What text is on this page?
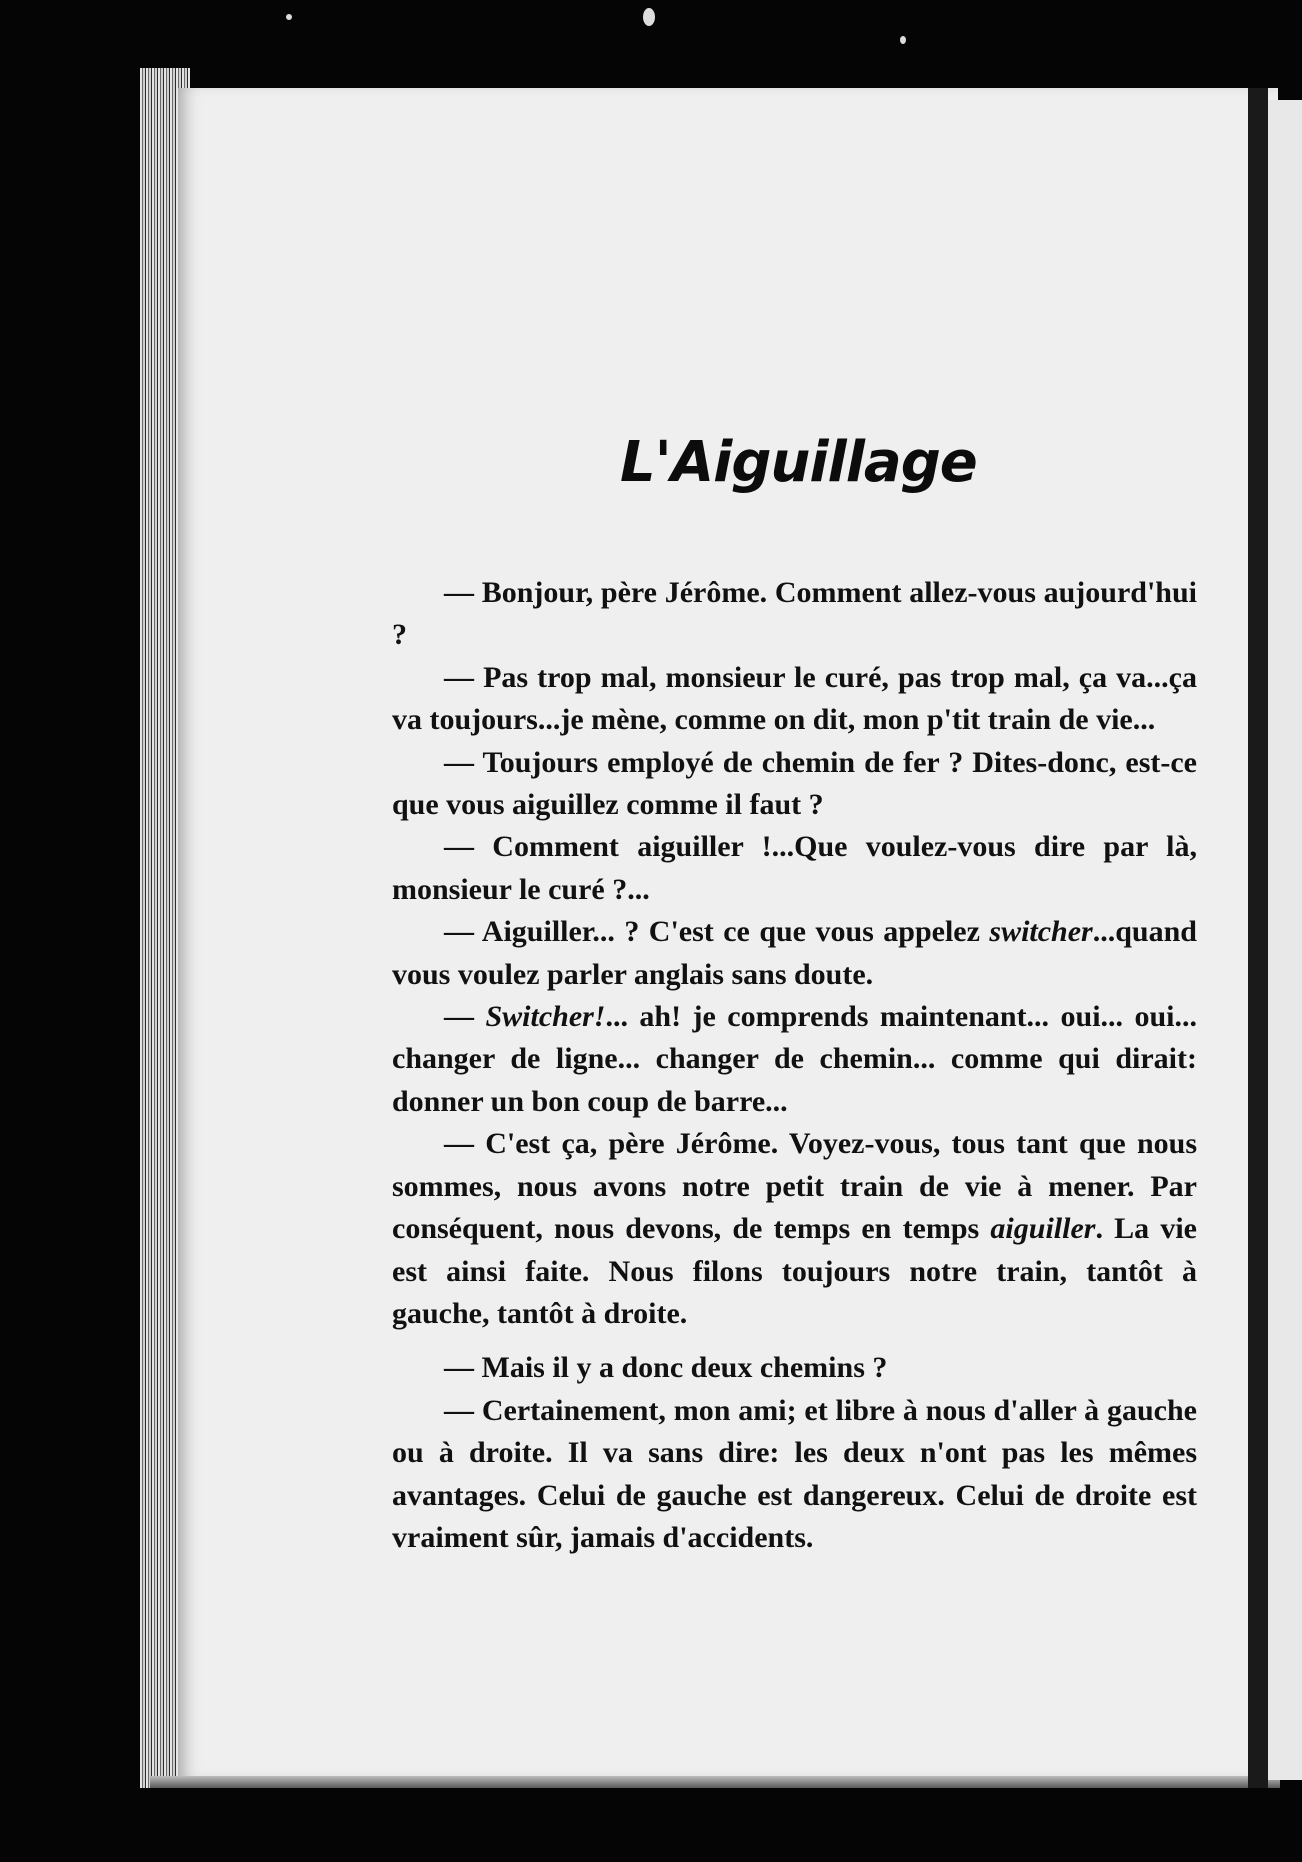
L'Aiguillage

— Bonjour, père Jérôme. Comment allez-vous aujourd'hui ?

— Pas trop mal, monsieur le curé, pas trop mal, ça va...ça va toujours...je mène, comme on dit, mon p'tit train de vie...

— Toujours employé de chemin de fer ? Dites-donc, est-ce que vous aiguillez comme il faut ?

— Comment aiguiller !...Que voulez-vous dire par là, monsieur le curé ?...

— Aiguiller... ? C'est ce que vous appelez switcher...quand vous voulez parler anglais sans doute.

— Switcher!... ah! je comprends maintenant... oui... oui... changer de ligne... changer de chemin... comme qui dirait: donner un bon coup de barre...

— C'est ça, père Jérôme. Voyez-vous, tous tant que nous sommes, nous avons notre petit train de vie à mener. Par conséquent, nous devons, de temps en temps aiguiller. La vie est ainsi faite. Nous filons toujours notre train, tantôt à gauche, tantôt à droite.

— Mais il y a donc deux chemins ?

— Certainement, mon ami; et libre à nous d'aller à gauche ou à droite. Il va sans dire: les deux n'ont pas les mêmes avantages. Celui de gauche est dangereux. Celui de droite est vraiment sûr, jamais d'accidents.
